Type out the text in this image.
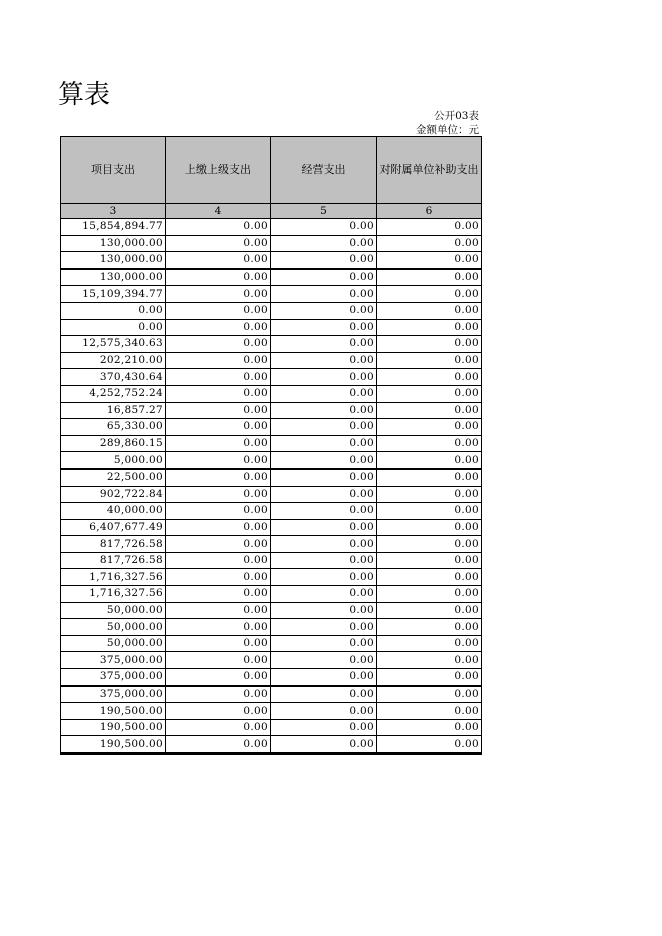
算表
公开03表
金额单位：元
项目支出	上缴上级支出	经营支出	对附属单位补助支出
3	4	5	6
15,854,894.77	0.00	0.00	0.00
130,000.00	0.00	0.00	0.00
130,000.00	0.00	0.00	0.00
130,000.00	0.00	0.00	0.00
15,109,394.77	0.00	0.00	0.00
0.00	0.00	0.00	0.00
0.00	0.00	0.00	0.00
12,575,340.63	0.00	0.00	0.00
202,210.00	0.00	0.00	0.00
370,430.64	0.00	0.00	0.00
4,252,752.24	0.00	0.00	0.00
16,857.27	0.00	0.00	0.00
65,330.00	0.00	0.00	0.00
289,860.15	0.00	0.00	0.00
5,000.00	0.00	0.00	0.00
22,500.00	0.00	0.00	0.00
902,722.84	0.00	0.00	0.00
40,000.00	0.00	0.00	0.00
6,407,677.49	0.00	0.00	0.00
817,726.58	0.00	0.00	0.00
817,726.58	0.00	0.00	0.00
1,716,327.56	0.00	0.00	0.00
1,716,327.56	0.00	0.00	0.00
50,000.00	0.00	0.00	0.00
50,000.00	0.00	0.00	0.00
50,000.00	0.00	0.00	0.00
375,000.00	0.00	0.00	0.00
375,000.00	0.00	0.00	0.00
375,000.00	0.00	0.00	0.00
190,500.00	0.00	0.00	0.00
190,500.00	0.00	0.00	0.00
190,500.00	0.00	0.00	0.00
